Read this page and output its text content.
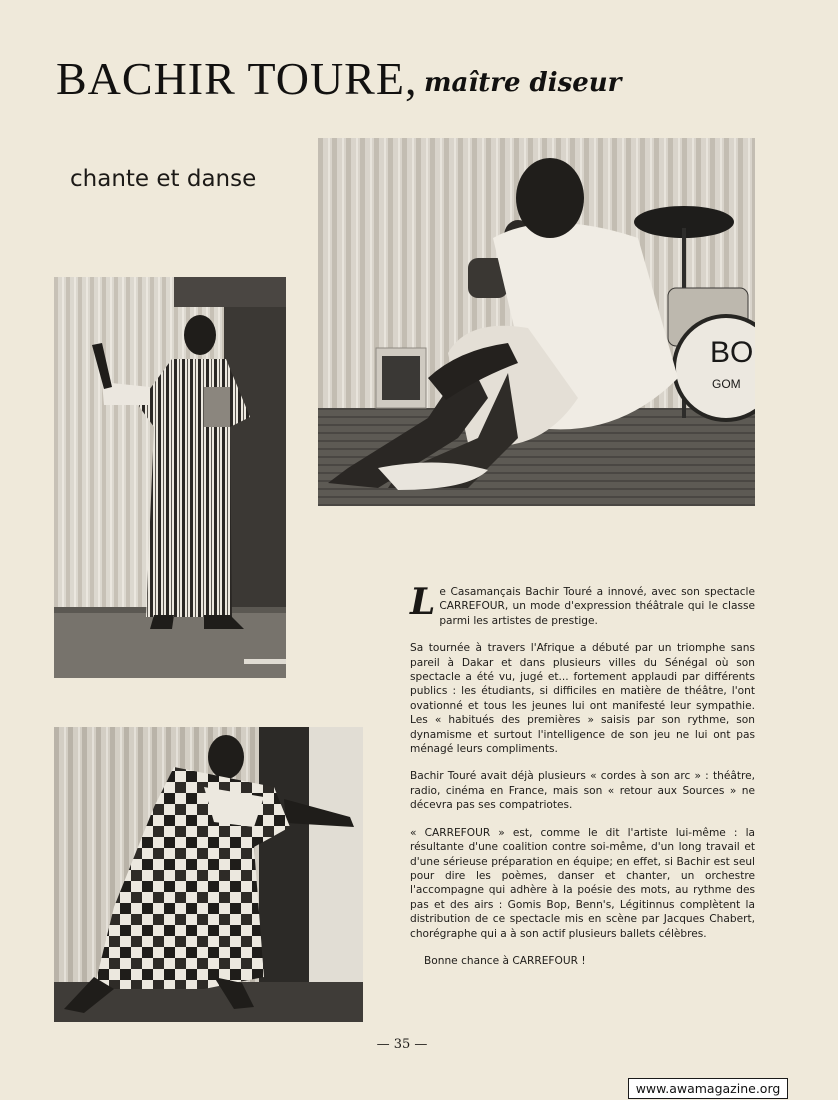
BACHIR TOURE, maître diseur
chante et danse
BO
GOM

Le Casamançais Bachir Touré a innové, avec son spectacle CARREFOUR, un mode d'expression théâtrale qui le classe parmi les artistes de prestige.

Sa tournée à travers l'Afrique a débuté par un triomphe sans pareil à Dakar et dans plusieurs villes du Sénégal où son spectacle a été vu, jugé et... fortement applaudi par différents publics : les étudiants, si difficiles en matière de théâtre, l'ont ovationné et tous les jeunes lui ont manifesté leur sympathie. Les « habitués des premières » saisis par son rythme, son dynamisme et surtout l'intelligence de son jeu ne lui ont pas ménagé leurs compliments.

Bachir Touré avait déjà plusieurs « cordes à son arc » : théâtre, radio, cinéma en France, mais son « retour aux Sources » ne décevra pas ses compatriotes.

« CARREFOUR » est, comme le dit l'artiste lui-même : la résultante d'une coalition contre soi-même, d'un long travail et d'une sérieuse préparation en équipe; en effet, si Bachir est seul pour dire les poèmes, danser et chanter, un orchestre l'accompagne qui adhère à la poésie des mots, au rythme des pas et des airs : Gomis Bop, Benn's, Légitinnus complètent la distribution de ce spectacle mis en scène par Jacques Chabert, chorégraphe qui a à son actif plusieurs ballets célèbres.

Bonne chance à CARREFOUR !

— 35 —
www.awamagazine.org
